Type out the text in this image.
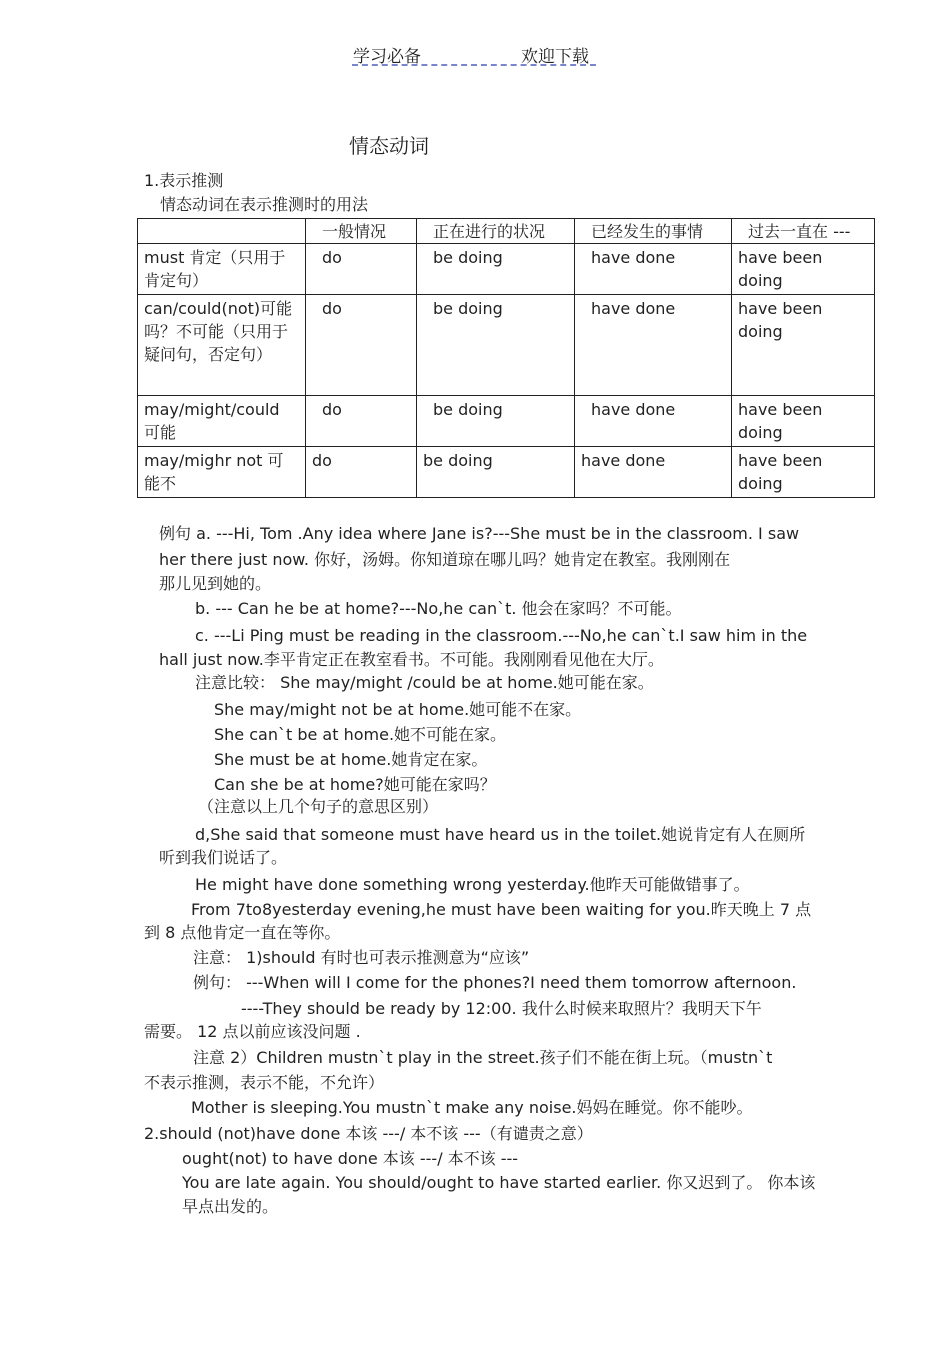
学习必备	欢迎下载
情态动词
1.表示推测
情态动词在表示推测时的用法
	一般情况	正在进行的状况	已经发生的事情	过去一直在 ---
must 肯定（只用于肯定句）	do	be doing	have done	have been doing
can/could(not)可能吗？不可能（只用于疑问句，否定句）	do	be doing	have done	have been doing
may/might/could 可能	do	be doing	have done	have been doing
may/mighr not 可能不	do	be doing	have done	have been doing
例句 a. ---Hi, Tom .Any idea where Jane is?---She must be in the classroom. I saw
her there just now. 你好，汤姆。你知道琼在哪儿吗？她肯定在教室。我刚刚在
那儿见到她的。
b. --- Can he be at home?---No,he can`t. 他会在家吗？不可能。
c. ---Li Ping must be reading in the classroom.---No,he can`t.I saw him in the
hall just now.李平肯定正在教室看书。不可能。我刚刚看见他在大厅。
注意比较： She may/might /could be at home.她可能在家。
She may/might not be at home.她可能不在家。
She can`t be at home.她不可能在家。
She must be at home.她肯定在家。
Can she be at home?她可能在家吗？
（注意以上几个句子的意思区别）
d,She said that someone must have heard us in the toilet.她说肯定有人在厕所
听到我们说话了。
He might have done something wrong yesterday.他昨天可能做错事了。
From 7to8yesterday evening,he must have been waiting for you.昨天晚上 7 点
到 8 点他肯定一直在等你。
注意： 1)should 有时也可表示推测意为“应该”
例句： ---When will I come for the phones?I need them tomorrow afternoon.
----They should be ready by 12:00. 我什么时候来取照片？我明天下午
需要。 12 点以前应该没问题 .
注意 2）Children mustn`t play in the street.孩子们不能在街上玩。（mustn`t
不表示推测，表示不能，不允许）
Mother is sleeping.You mustn`t make any noise.妈妈在睡觉。你不能吵。
2.should (not)have done 本该 ---/ 本不该 ---（有谴责之意）
ought(not) to have done 本该 ---/ 本不该 ---
You are late again. You should/ought to have started earlier. 你又迟到了。 你本该
早点出发的。
